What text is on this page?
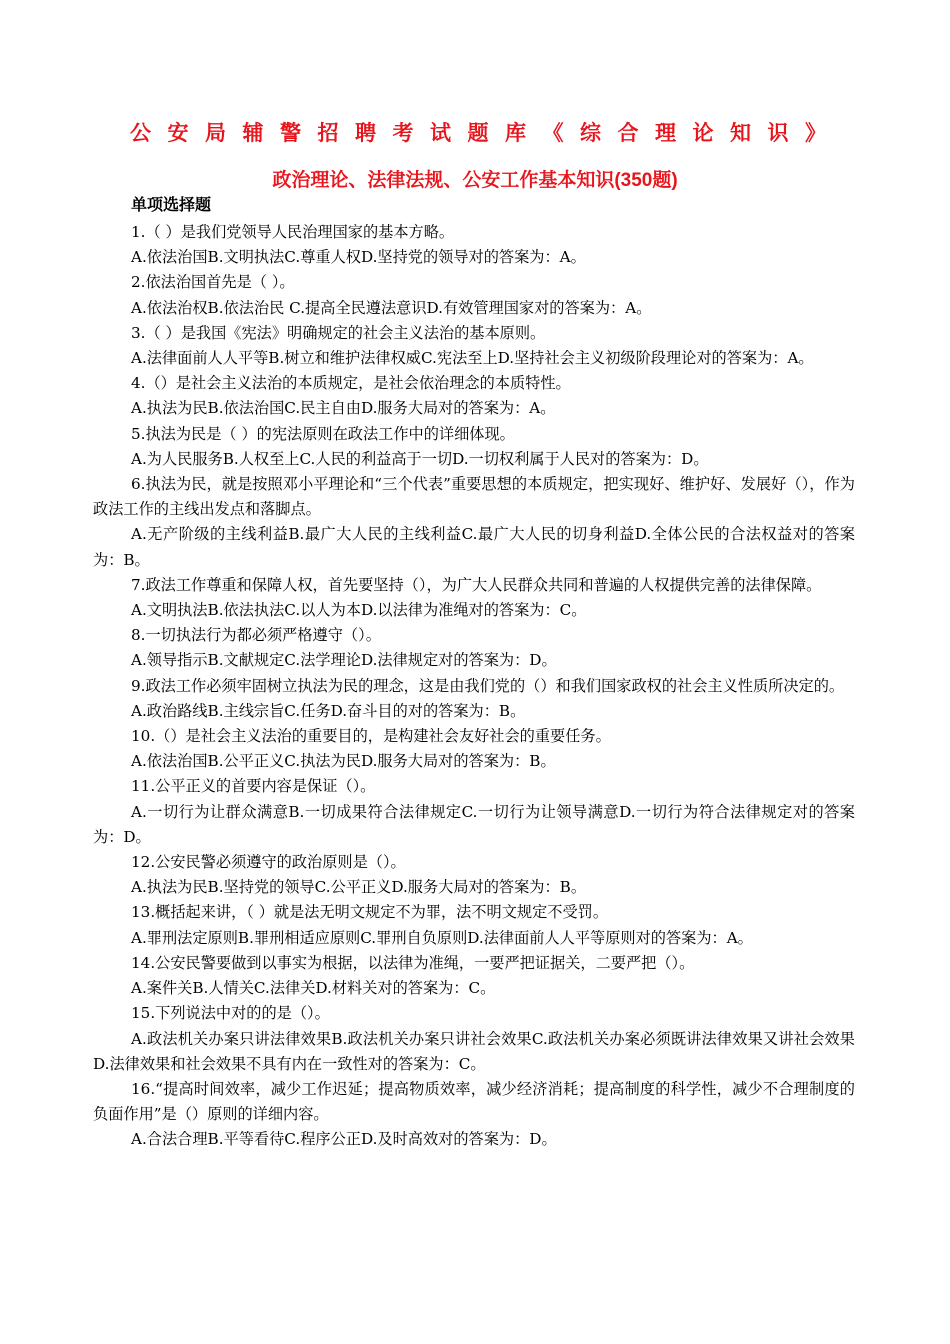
公安局辅警招聘考试题库《综合理论知识》
政治理论、法律法规、公安工作基本知识(350题)
单项选择题

1.（ ）是我们党领导人民治理国家的基本方略。

A.依法治国B.文明执法C.尊重人权D.坚持党的领导对的答案为：A。

2.依法治国首先是（ ）。

A.依法治权B.依法治民 C.提高全民遵法意识D.有效管理国家对的答案为：A。

3.（ ）是我国《宪法》明确规定的社会主义法治的基本原则。

A.法律面前人人平等B.树立和维护法律权威C.宪法至上D.坚持社会主义初级阶段理论对的答案为：A。

4.（）是社会主义法治的本质规定，是社会依治理念的本质特性。

A.执法为民B.依法治国C.民主自由D.服务大局对的答案为：A。

5.执法为民是（ ）的宪法原则在政法工作中的详细体现。

A.为人民服务B.人权至上C.人民的利益高于一切D.一切权利属于人民对的答案为：D。

6.执法为民，就是按照邓小平理论和“三个代表”重要思想的本质规定，把实现好、维护好、发展好（），作为政法工作的主线出发点和落脚点。

A.无产阶级的主线利益B.最广大人民的主线利益C.最广大人民的切身利益D.全体公民的合法权益对的答案为：B。

7.政法工作尊重和保障人权，首先要坚持（），为广大人民群众共同和普遍的人权提供完善的法律保障。

A.文明执法B.依法执法C.以人为本D.以法律为准绳对的答案为：C。

8.一切执法行为都必须严格遵守（）。

A.领导指示B.文献规定C.法学理论D.法律规定对的答案为：D。

9.政法工作必须牢固树立执法为民的理念，这是由我们党的（）和我们国家政权的社会主义性质所决定的。

A.政治路线B.主线宗旨C.任务D.奋斗目的对的答案为：B。

10.（）是社会主义法治的重要目的，是构建社会友好社会的重要任务。

A.依法治国B.公平正义C.执法为民D.服务大局对的答案为：B。

11.公平正义的首要内容是保证（）。

A.一切行为让群众满意B.一切成果符合法律规定C.一切行为让领导满意D.一切行为符合法律规定对的答案为：D。

12.公安民警必须遵守的政治原则是（）。

A.执法为民B.坚持党的领导C.公平正义D.服务大局对的答案为：B。

13.概括起来讲，（ ）就是法无明文规定不为罪，法不明文规定不受罚。

A.罪刑法定原则B.罪刑相适应原则C.罪刑自负原则D.法律面前人人平等原则对的答案为：A。

14.公安民警要做到以事实为根据，以法律为准绳，一要严把证据关，二要严把（）。

A.案件关B.人情关C.法律关D.材料关对的答案为：C。

15.下列说法中对的的是（）。

A.政法机关办案只讲法律效果B.政法机关办案只讲社会效果C.政法机关办案必须既讲法律效果又讲社会效果D.法律效果和社会效果不具有内在一致性对的答案为：C。

16.“提高时间效率，减少工作迟延；提高物质效率，减少经济消耗；提高制度的科学性，减少不合理制度的负面作用”是（）原则的详细内容。

A.合法合理B.平等看待C.程序公正D.及时高效对的答案为：D。
